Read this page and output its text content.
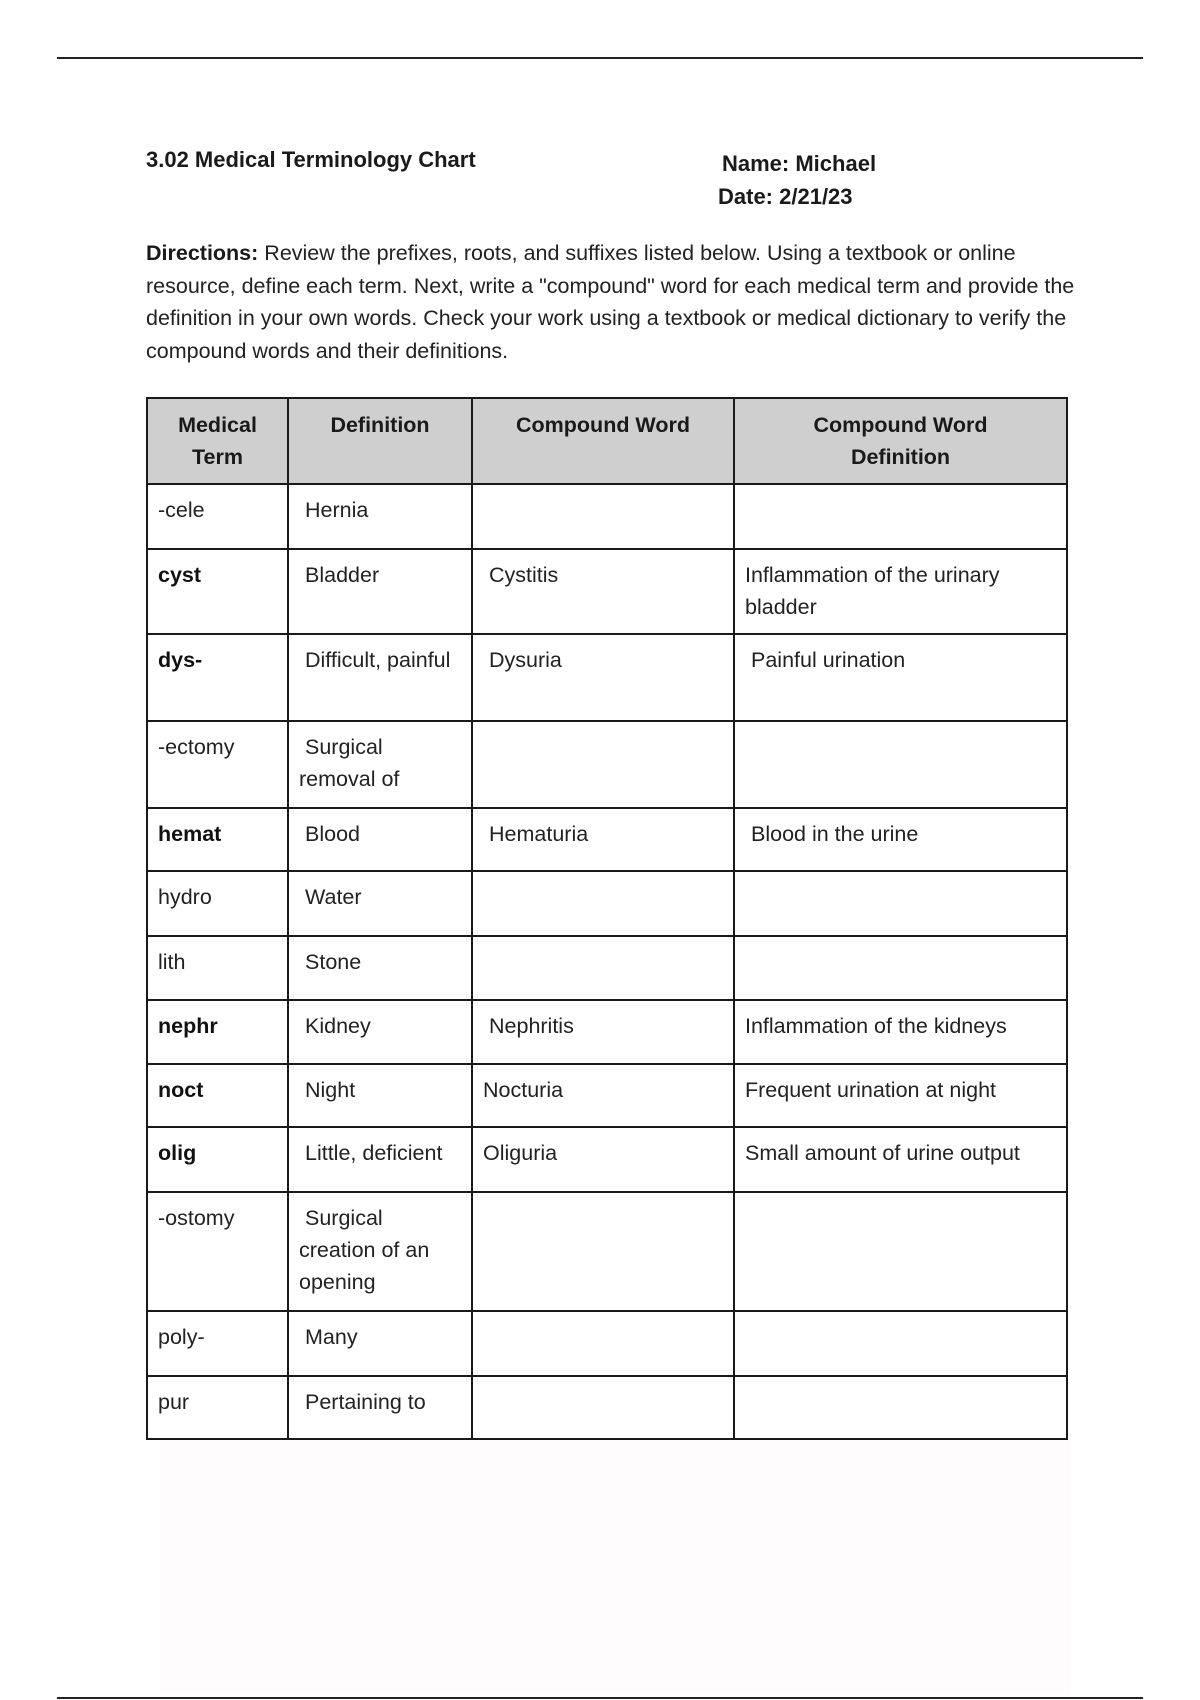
3.02 Medical Terminology Chart	Name: Michael
Date: 2/21/23
Directions: Review the prefixes, roots, and suffixes listed below. Using a textbook or online resource, define each term. Next, write a "compound" word for each medical term and provide the definition in your own words. Check your work using a textbook or medical dictionary to verify the compound words and their definitions.
Medical Term	Definition	Compound Word	Compound Word Definition
-cele	Hernia		
cyst	Bladder	Cystitis	Inflammation of the urinary bladder
dys-	Difficult, painful	Dysuria	Painful urination
-ectomy	Surgical removal of		
hemat	Blood	Hematuria	Blood in the urine
hydro	Water		
lith	Stone		
nephr	Kidney	Nephritis	Inflammation of the kidneys
noct	Night	Nocturia	Frequent urination at night
olig	Little, deficient	Oliguria	Small amount of urine output
-ostomy	Surgical creation of an opening		
poly-	Many		
pur	Pertaining to		
